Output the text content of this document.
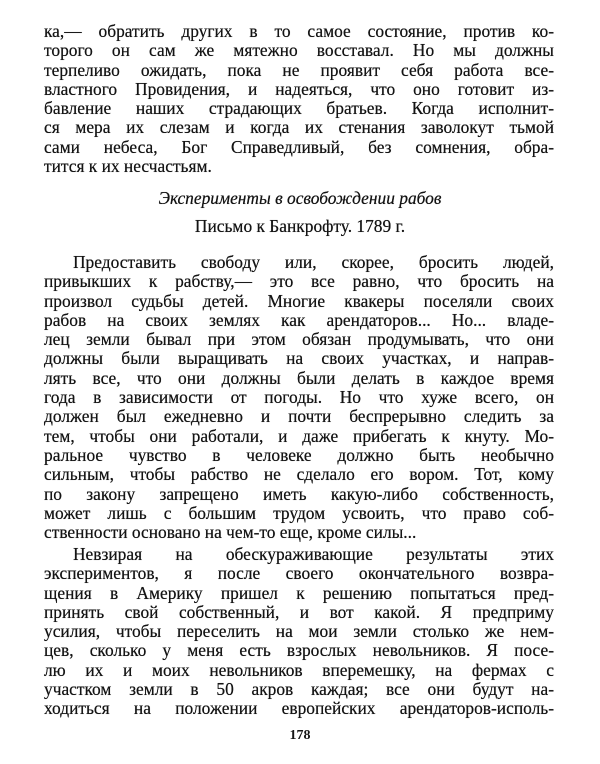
ка,— обратить других в то самое состояние, против ко-
торого он сам же мятежно восставал. Но мы должны
терпеливо ожидать, пока не проявит себя работа все-
властного Провидения, и надеяться, что оно готовит из-
бавление наших страдающих братьев. Когда исполнит-
ся мера их слезам и когда их стенания заволокут тьмой
сами небеса, Бог Справедливый, без сомнения, обра-
тится к их несчастьям.
Эксперименты в освобождении рабов
Письмо к Банкрофту. 1789 г.
Предоставить свободу или, скорее, бросить людей,
привыкших к рабству,— это все равно, что бросить на
произвол судьбы детей. Многие квакеры поселяли своих
рабов на своих землях как арендаторов... Но... владе-
лец земли бывал при этом обязан продумывать, что они
должны были выращивать на своих участках, и направ-
лять все, что они должны были делать в каждое время
года в зависимости от погоды. Но что хуже всего, он
должен был ежедневно и почти беспрерывно следить за
тем, чтобы они работали, и даже прибегать к кнуту. Мо-
ральное чувство в человеке должно быть необычно
сильным, чтобы рабство не сделало его вором. Тот, кому
по закону запрещено иметь какую-либо собственность,
может лишь с большим трудом усвоить, что право соб-
ственности основано на чем-то еще, кроме силы...
Невзирая на обескураживающие результаты этих
экспериментов, я после своего окончательного возвра-
щения в Америку пришел к решению попытаться пред-
принять свой собственный, и вот какой. Я предприму
усилия, чтобы переселить на мои земли столько же нем-
цев, сколько у меня есть взрослых невольников. Я посе-
лю их и моих невольников вперемешку, на фермах с
участком земли в 50 акров каждая; все они будут на-
ходиться на положении европейских арендаторов-исполь-
178
